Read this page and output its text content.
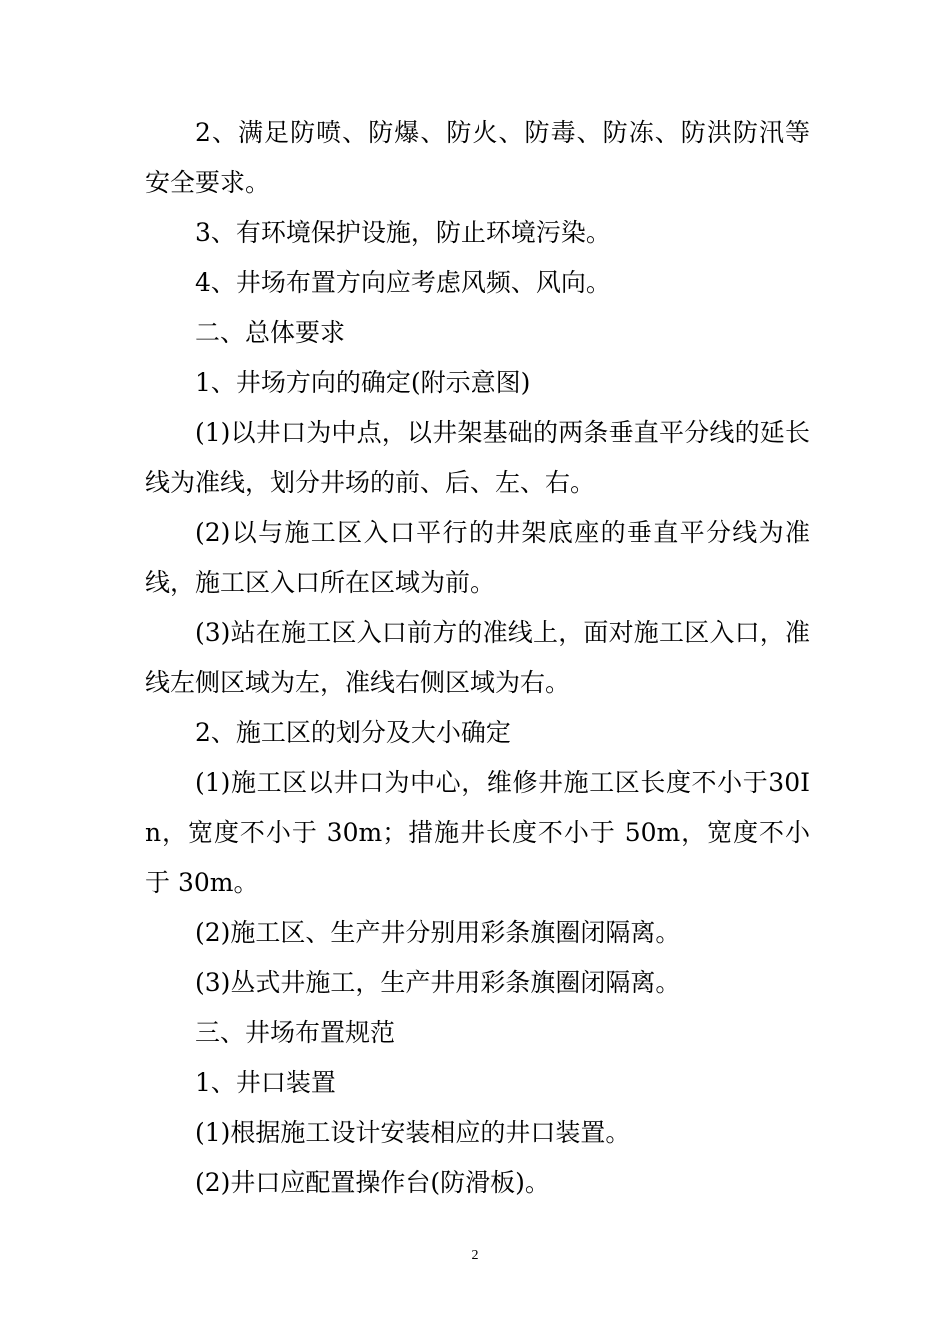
2、满足防喷、防爆、防火、防毒、防冻、防洪防汛等安全要求。

3、有环境保护设施，防止环境污染。

4、井场布置方向应考虑风频、风向。

二、总体要求

1、井场方向的确定(附示意图)

(1)以井口为中点，以井架基础的两条垂直平分线的延长线为准线，划分井场的前、后、左、右。

(2)以与施工区入口平行的井架底座的垂直平分线为准线，施工区入口所在区域为前。

(3)站在施工区入口前方的准线上，面对施工区入口，准线左侧区域为左，准线右侧区域为右。

2、施工区的划分及大小确定

(1)施工区以井口为中心，维修井施工区长度不小于30In，宽度不小于 30m；措施井长度不小于 50m，宽度不小于 30m。

(2)施工区、生产井分别用彩条旗圈闭隔离。

(3)丛式井施工，生产井用彩条旗圈闭隔离。

三、井场布置规范

1、井口装置

(1)根据施工设计安装相应的井口装置。

(2)井口应配置操作台(防滑板)。

2
